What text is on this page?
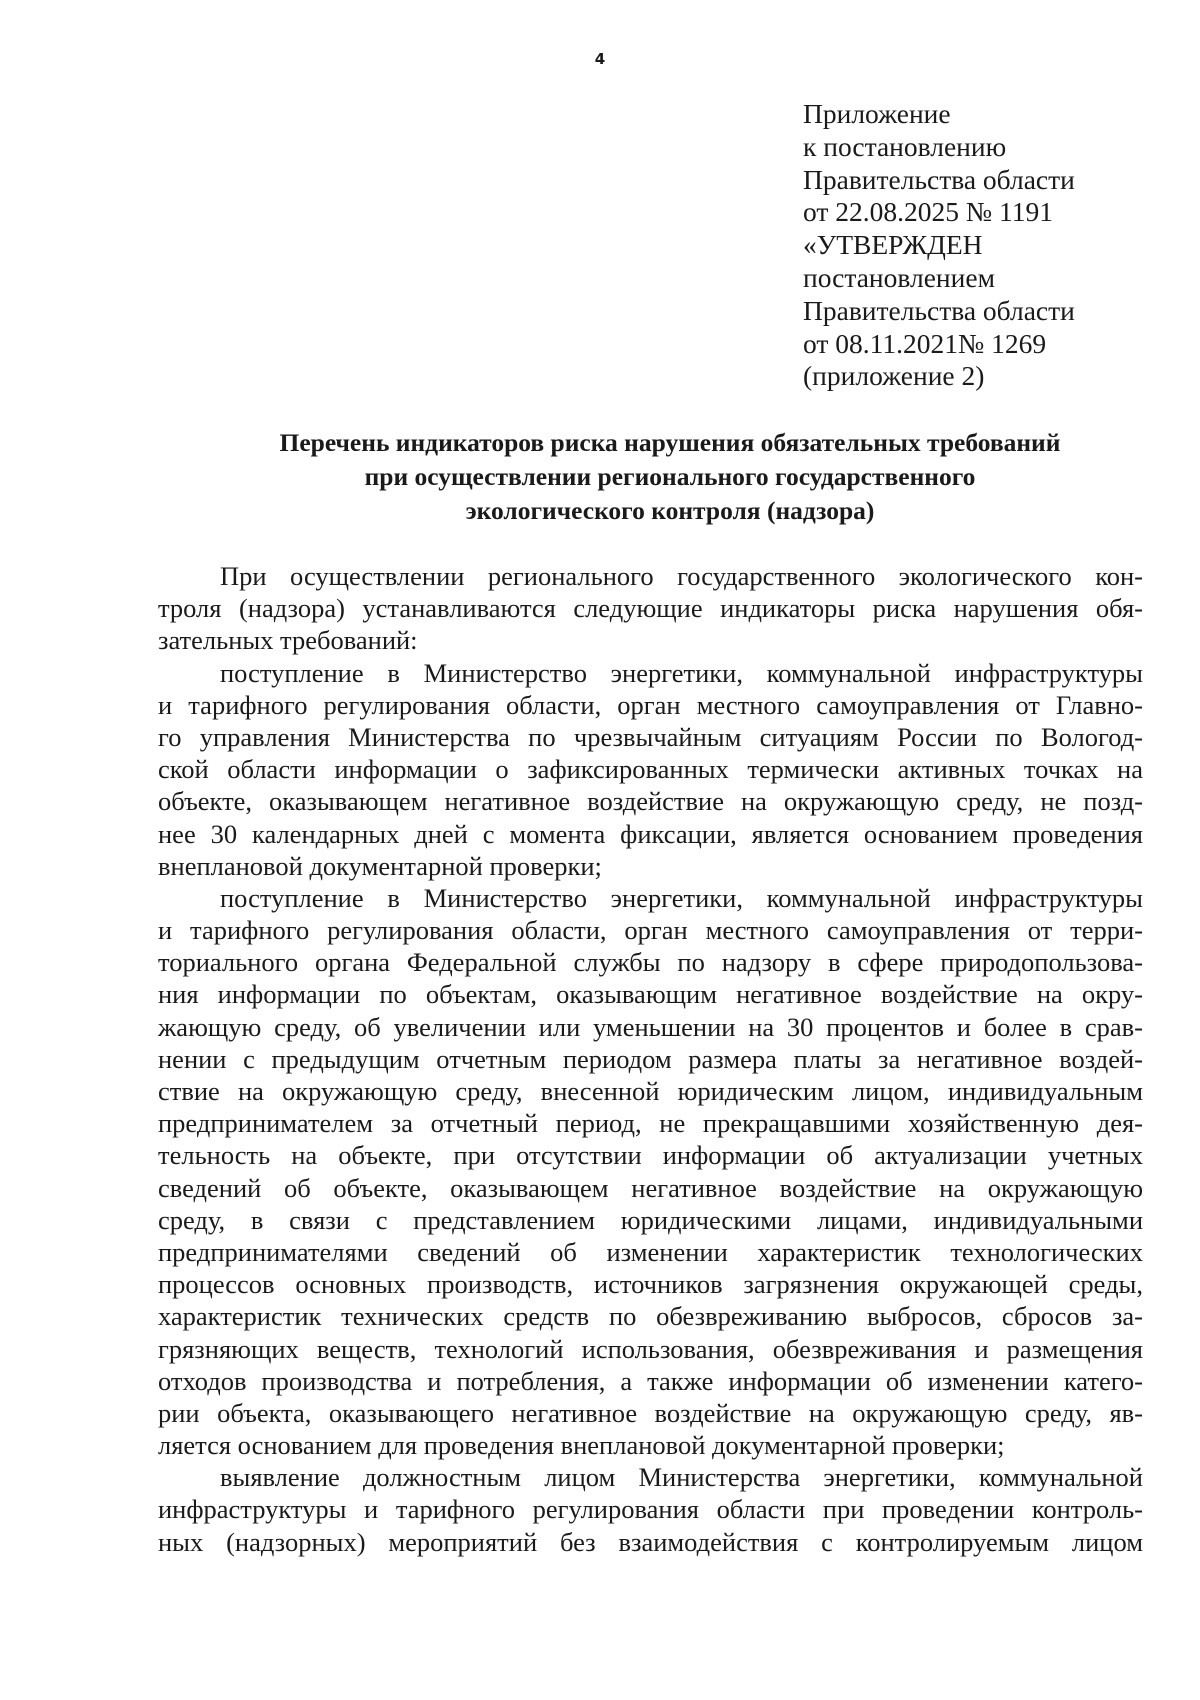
4
Приложение
к постановлению
Правительства области
от 22.08.2025 № 1191
«УТВЕРЖДЕН
постановлением
Правительства области
от 08.11.2021№ 1269
(приложение 2)
Перечень индикаторов риска нарушения обязательных требований
при осуществлении регионального государственного
экологического контроля (надзора)
При осуществлении регионального государственного экологического кон-
троля (надзора) устанавливаются следующие индикаторы риска нарушения обя-
зательных требований:
поступление в Министерство энергетики, коммунальной инфраструктуры
и тарифного регулирования области, орган местного самоуправления от Главно-
го управления Министерства по чрезвычайным ситуациям России по Вологод-
ской области информации о зафиксированных термически активных точках на
объекте, оказывающем негативное воздействие на окружающую среду, не позд-
нее 30 календарных дней с момента фиксации, является основанием проведения
внеплановой документарной проверки;
поступление в Министерство энергетики, коммунальной инфраструктуры
и тарифного регулирования области, орган местного самоуправления от терри-
ториального органа Федеральной службы по надзору в сфере природопользова-
ния информации по объектам, оказывающим негативное воздействие на окру-
жающую среду, об увеличении или уменьшении на 30 процентов и более в срав-
нении с предыдущим отчетным периодом размера платы за негативное воздей-
ствие на окружающую среду, внесенной юридическим лицом, индивидуальным
предпринимателем за отчетный период, не прекращавшими хозяйственную дея-
тельность на объекте, при отсутствии информации об актуализации учетных
сведений об объекте, оказывающем негативное воздействие на окружающую
среду, в связи с представлением юридическими лицами, индивидуальными
предпринимателями сведений об изменении характеристик технологических
процессов основных производств, источников загрязнения окружающей среды,
характеристик технических средств по обезвреживанию выбросов, сбросов за-
грязняющих веществ, технологий использования, обезвреживания и размещения
отходов производства и потребления, а также информации об изменении катего-
рии объекта, оказывающего негативное воздействие на окружающую среду, яв-
ляется основанием для проведения внеплановой документарной проверки;
выявление должностным лицом Министерства энергетики, коммунальной
инфраструктуры и тарифного регулирования области при проведении контроль-
ных (надзорных) мероприятий без взаимодействия с контролируемым лицом
